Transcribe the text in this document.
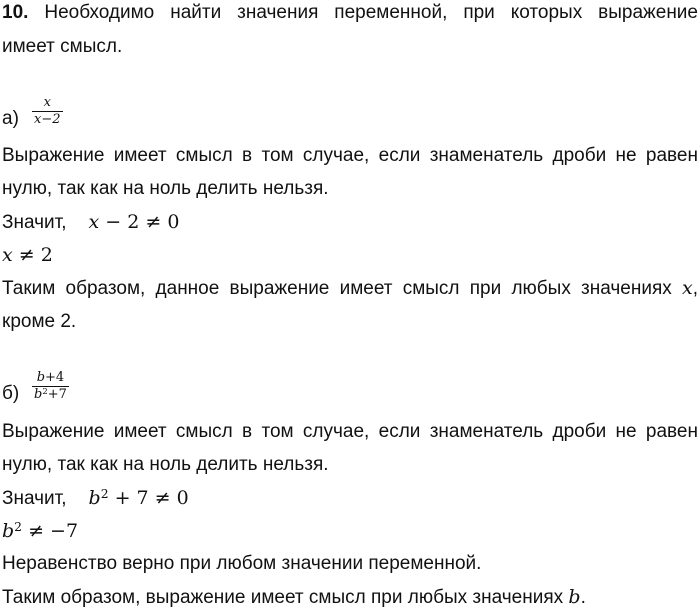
10. Необходимо найти значения переменной, при которых выражение
имеет смысл.
$а) \frac{x}{x-2}$
Выражение имеет смысл в том случае, если знаменатель дроби не равен
нулю, так как на ноль делить нельзя.
Значит, x − 2 ≠ 0
x ≠ 2
Таким образом, данное выражение имеет смысл при любых значениях x,
кроме 2.
$б) \frac{b+4}{b^2+7}$
Выражение имеет смысл в том случае, если знаменатель дроби не равен
нулю, так как на ноль делить нельзя.
Значит, $b^2 + 7 \ne 0$
$b^2 \ne -7$
Неравенство верно при любом значении переменной.
Таким образом, выражение имеет смысл при любых значениях b.
